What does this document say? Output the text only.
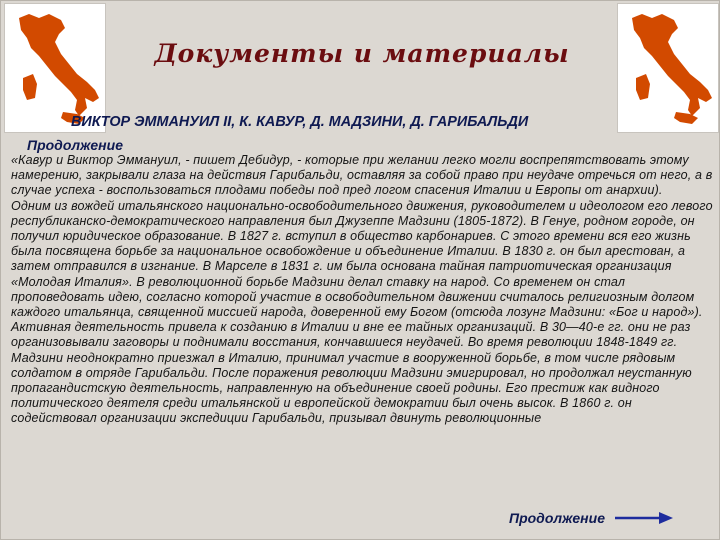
Документы и материалы
ВИКТОР ЭММАНУИЛ II, К. КАВУР, Д. МАДЗИНИ, Д. ГАРИБАЛЬДИ
Продолжение

«Кавур и Виктор Эммануил, - пишет Дебидур, - которые при желании легко могли воспрепятствовать этому намерению, закрывали глаза на действия Гарибальди, оставляя за собой право при неудаче отречься от него, а в случае успеха - воспользоваться плодами победы под пред логом спасения Италии и Европы от анархии).

Одним из вождей итальянского национально-освободительного движения, руководителем и идеологом его левого республиканско-демократического направления был Джузеппе Мадзини (1805-1872). В Генуе, родном городе, он получил юридическое образование. В 1827 г. вступил в общество карбонариев. С этого времени вся его жизнь была посвящена борьбе за национальное освобождение и объединение Италии. В 1830 г. он был арестован, а затем отправился в изгнание. В Марселе в 1831 г. им была основана тайная патриотическая организация «Молодая Италия». В революционной борьбе Мадзини делал ставку на народ. Со временем он стал проповедовать идею, согласно которой участие в освободительном движении считалось религиозным долгом каждого итальянца, священной миссией народа, доверенной ему Богом (отсюда лозунг Мадзини: «Бог и народ»). Активная деятельность привела к созданию в Италии и вне ее тайных организаций. В 30—40-е гг. они не раз организовывали заговоры и поднимали восстания, кончавшиеся неудачей. Во время революции 1848-1849 гг. Мадзини неоднократно приезжал в Италию, принимал участие в вооруженной борьбе, в том числе рядовым солдатом в отряде Гарибальди. После поражения революции Мадзини эмигрировал, но продолжал неустанную пропагандистскую деятельность, направленную на объединение своей родины. Его престиж как видного политического деятеля среди итальянской и европейской демократии был очень высок. В 1860 г. он содействовал организации экспедиции Гарибальди, призывал двинуть революционные

Продолжение
